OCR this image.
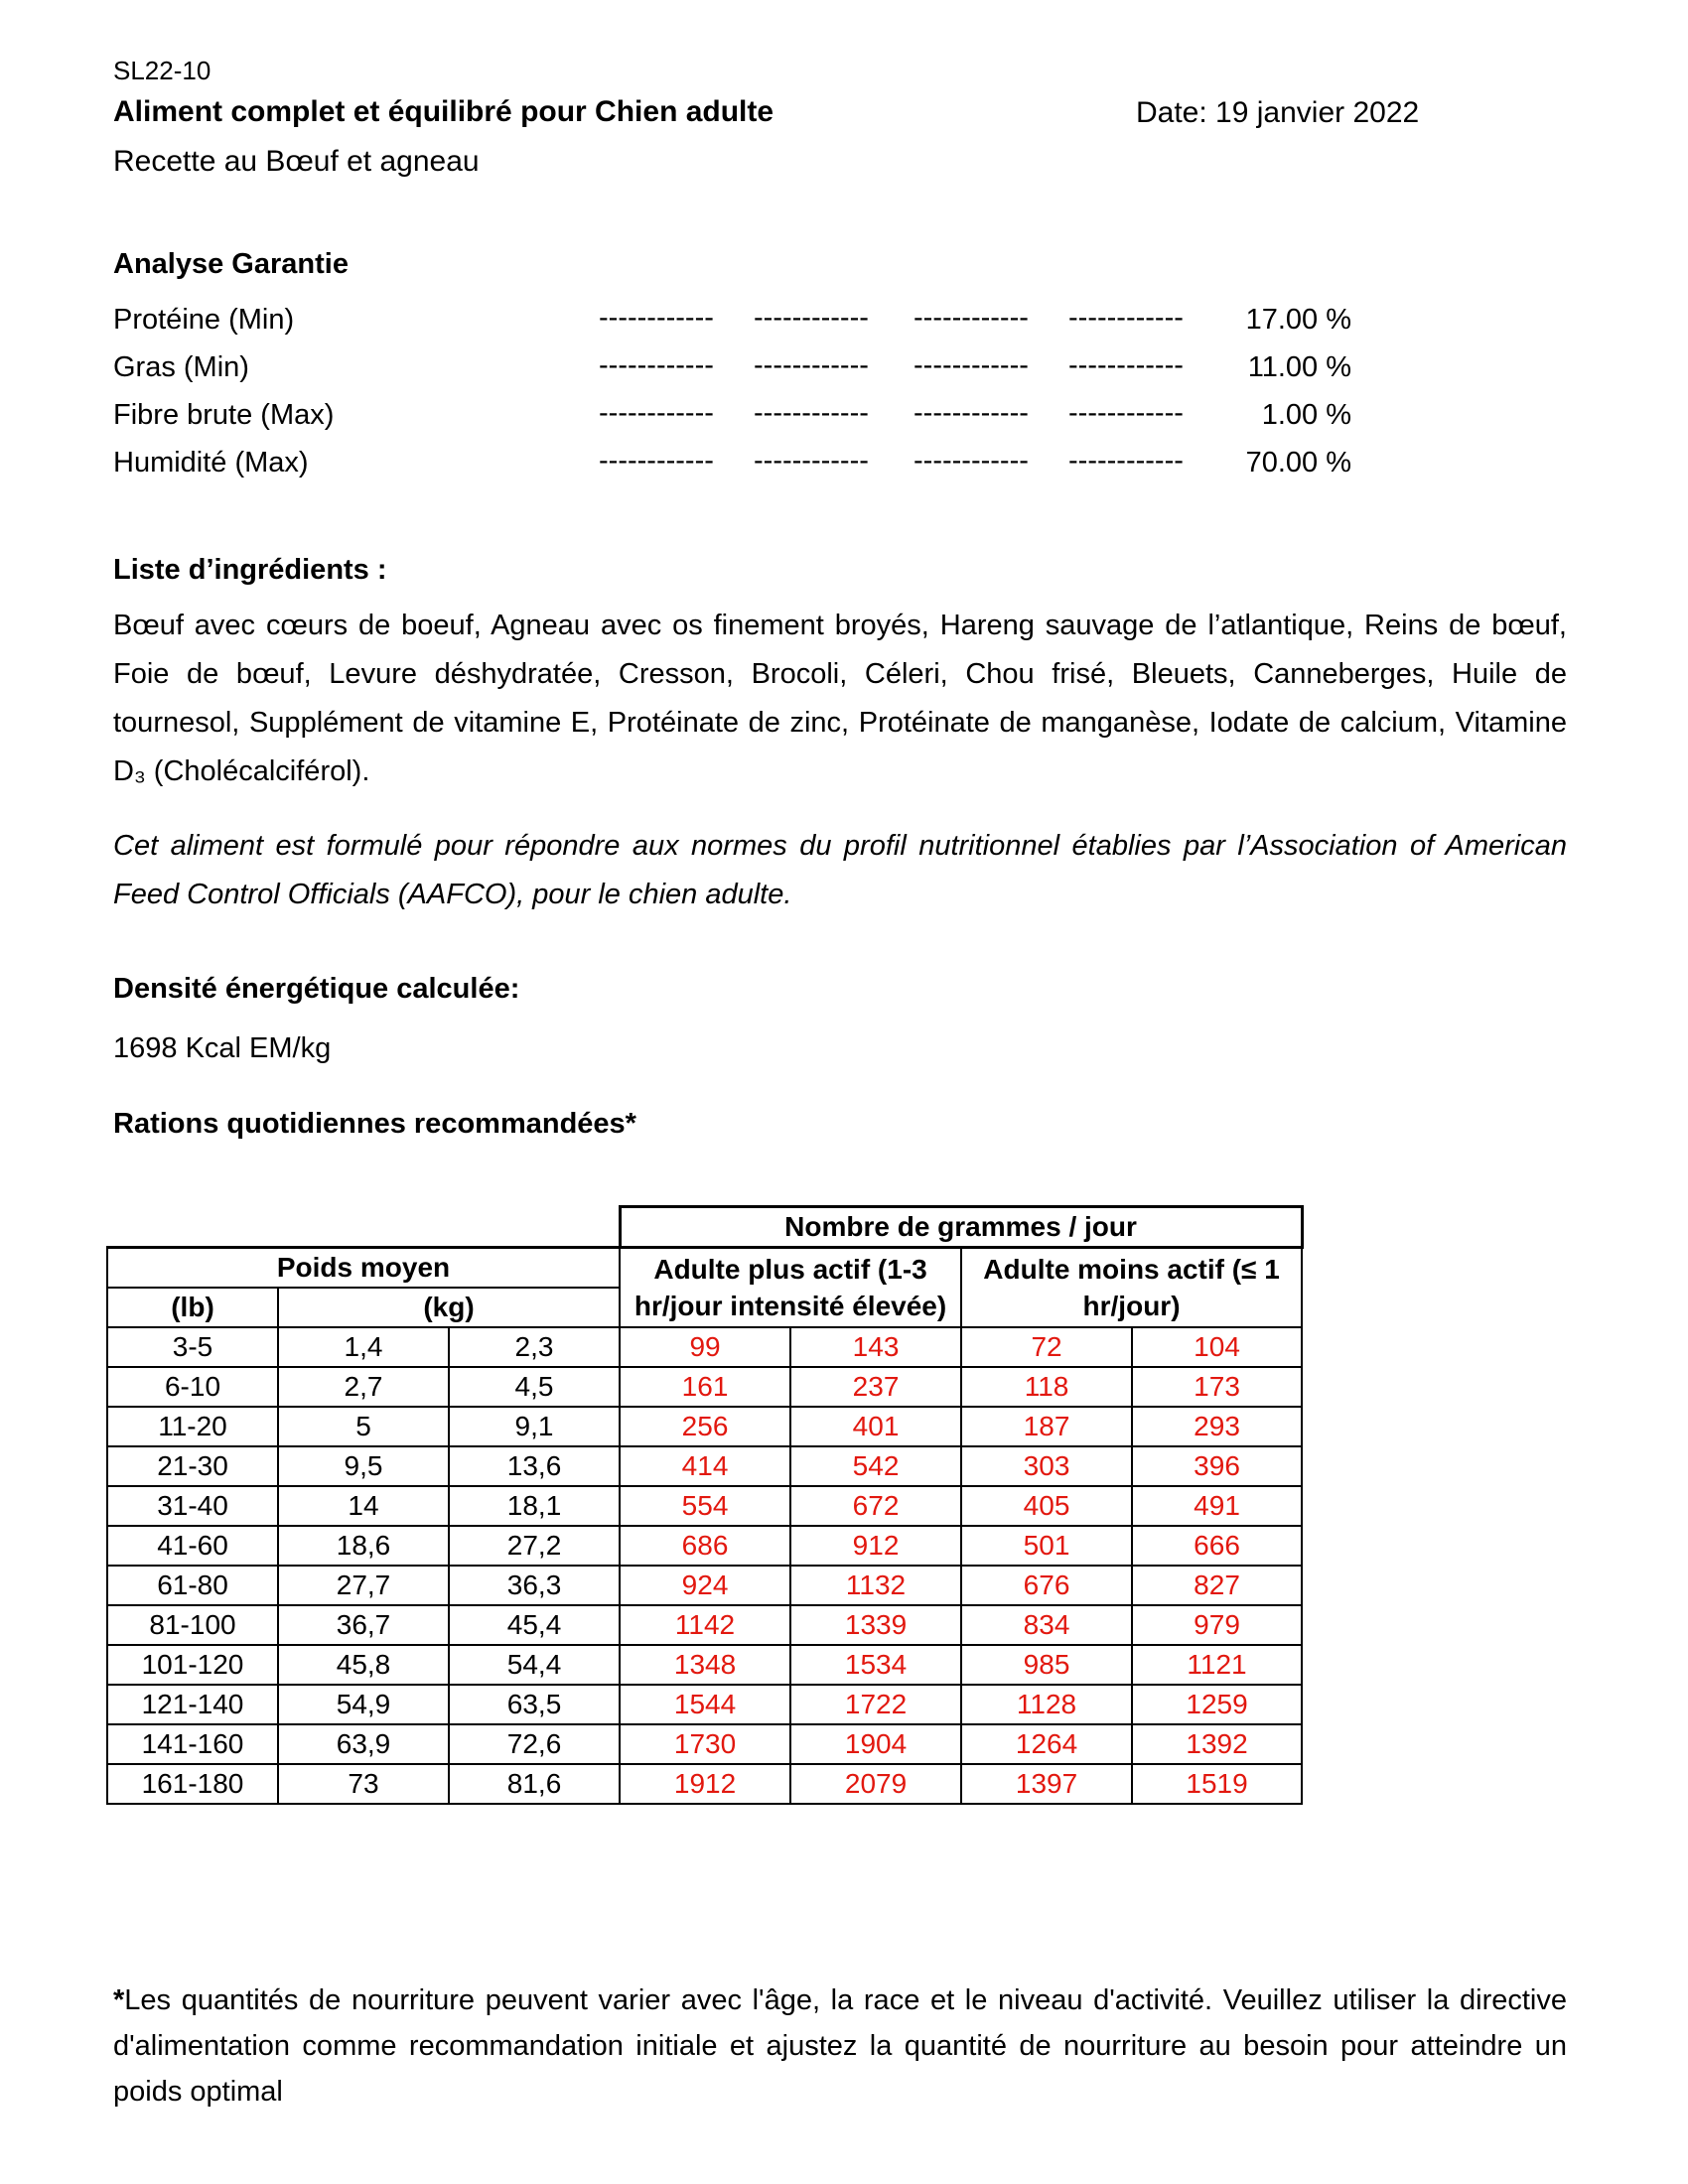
SL22-10
Aliment complet et équilibré pour Chien adulte	Date: 19 janvier 2022
Recette au Bœuf et agneau
Analyse Garantie
Protéine (Min)	------------ ------------ ------------ ------------ 17.00 %
Gras (Min)	------------ ------------ ------------ ------------ 11.00 %
Fibre brute (Max)	------------ ------------ ------------ ------------	1.00 %
Humidité (Max)	------------ ------------ ------------ ------------ 70.00 %
Liste d’ingrédients :
Bœuf avec cœurs de boeuf, Agneau avec os finement broyés, Hareng sauvage de l’atlantique, Reins de bœuf, Foie de bœuf, Levure déshydratée, Cresson, Brocoli, Céleri, Chou frisé, Bleuets, Canneberges, Huile de tournesol, Supplément de vitamine E, Protéinate de zinc, Protéinate de manganèse, Iodate de calcium, Vitamine D₃ (Cholécalciférol).
Cet aliment est formulé pour répondre aux normes du profil nutritionnel établies par l’Association of American Feed Control Officials (AAFCO), pour le chien adulte.
Densité énergétique calculée:
1698 Kcal EM/kg
Rations quotidiennes recommandées*
			Nombre de grammes / jour			
Poids moyen			Adulte plus actif (1-3 hr/jour intensité élevée)		Adulte moins actif (≤ 1 hr/jour)	
(lb)	(kg)					
3-5	1,4	2,3	99	143	72	104
6-10	2,7	4,5	161	237	118	173
11-20	5	9,1	256	401	187	293
21-30	9,5	13,6	414	542	303	396
31-40	14	18,1	554	672	405	491
41-60	18,6	27,2	686	912	501	666
61-80	27,7	36,3	924	1132	676	827
81-100	36,7	45,4	1142	1339	834	979
101-120	45,8	54,4	1348	1534	985	1121
121-140	54,9	63,5	1544	1722	1128	1259
141-160	63,9	72,6	1730	1904	1264	1392
161-180	73	81,6	1912	2079	1397	1519
*Les quantités de nourriture peuvent varier avec l'âge, la race et le niveau d'activité. Veuillez utiliser la directive d'alimentation comme recommandation initiale et ajustez la quantité de nourriture au besoin pour atteindre un poids optimal
